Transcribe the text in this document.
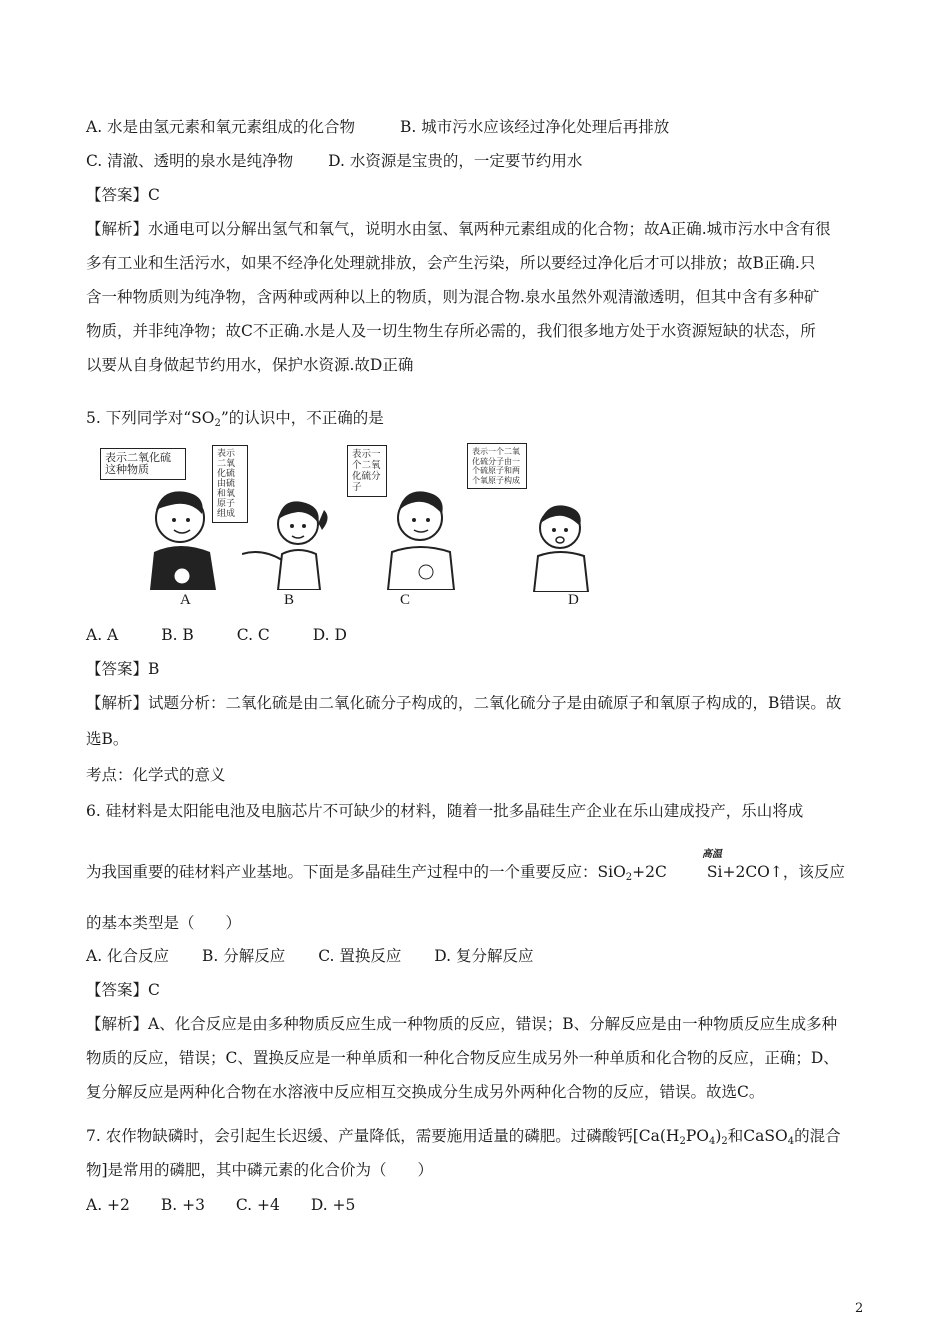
A. 水是由氢元素和氧元素组成的化合物	B. 城市污水应该经过净化处理后再排放
C. 清澈、透明的泉水是纯净物 D. 水资源是宝贵的，一定要节约用水
【答案】C
【解析】水通电可以分解出氢气和氧气，说明水由氢、氧两种元素组成的化合物；故A正确.城市污水中含有很
多有工业和生活污水，如果不经净化处理就排放，会产生污染，所以要经过净化后才可以排放；故B正确.只
含一种物质则为纯净物，含两种或两种以上的物质，则为混合物.泉水虽然外观清澈透明，但其中含有多种矿
物质，并非纯净物；故C不正确.水是人及一切生物生存所必需的，我们很多地方处于水资源短缺的状态，所
以要从自身做起节约用水，保护水资源.故D正确
5. 下列同学对“$SO_2$”的认识中，不正确的是
表示二氧化硫这种物质
表示二氧化硫由硫和氧原子组成
表示一个二氧化硫分子
表示一个二氧化硫分子由一个硫原子和两个氧原子构成
A	B	C	D
A. A	B. B	C. C	D. D
【答案】B
【解析】试题分析：二氧化硫是由二氧化硫分子构成的，二氧化硫分子是由硫原子和氧原子构成的，B错误。故
选B。
考点：化学式的意义
6. 硅材料是太阳能电池及电脑芯片不可缺少的材料，随着一批多晶硅生产企业在乐山建成投产，乐山将成
高温
为我国重要的硅材料产业基地。下面是多晶硅生产过程中的一个重要反应：SiO$_2$+2C	Si+2CO↑，该反应
的基本类型是（　　）
A. 化合反应 B. 分解反应 C. 置换反应 D. 复分解反应
【答案】C
【解析】A、化合反应是由多种物质反应生成一种物质的反应，错误；B、分解反应是由一种物质反应生成多种
物质的反应，错误；C、置换反应是一种单质和一种化合物反应生成另外一种单质和化合物的反应，正确；D、
复分解反应是两种化合物在水溶液中反应相互交换成分生成另外两种化合物的反应，错误。故选C。
7. 农作物缺磷时，会引起生长迟缓、产量降低，需要施用适量的磷肥。过磷酸钙[$Ca(H_2PO_4)_2$和CaSO$_4$的混合
物]是常用的磷肥，其中磷元素的化合价为（　　）
A. +2 B. +3 C. +4 D. +5
2
